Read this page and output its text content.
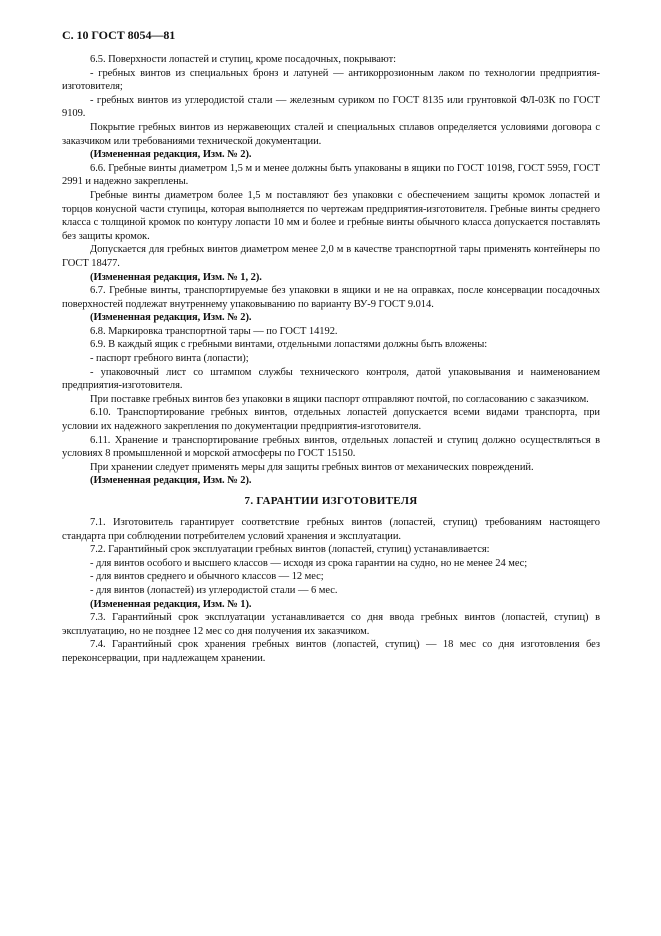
С. 10 ГОСТ 8054—81

6.5. Поверхности лопастей и ступиц, кроме посадочных, покрывают:

- гребных винтов из специальных бронз и латуней — антикоррозионным лаком по технологии предприятия-изготовителя;

- гребных винтов из углеродистой стали — железным суриком по ГОСТ 8135 или грунтовкой ФЛ-03К по ГОСТ 9109.

Покрытие гребных винтов из нержавеющих сталей и специальных сплавов определяется условиями договора с заказчиком или требованиями технической документации.

(Измененная редакция, Изм. № 2).

6.6. Гребные винты диаметром 1,5 м и менее должны быть упакованы в ящики по ГОСТ 10198, ГОСТ 5959, ГОСТ 2991 и надежно закреплены.

Гребные винты диаметром более 1,5 м поставляют без упаковки с обеспечением защиты кромок лопастей и торцов конусной части ступицы, которая выполняется по чертежам предприятия-изготовителя. Гребные винты среднего класса с толщиной кромок по контуру лопасти 10 мм и более и гребные винты обычного класса допускается поставлять без защиты кромок.

Допускается для гребных винтов диаметром менее 2,0 м в качестве транспортной тары применять контейнеры по ГОСТ 18477.

(Измененная редакция, Изм. № 1, 2).

6.7. Гребные винты, транспортируемые без упаковки в ящики и не на оправках, после консервации посадочных поверхностей подлежат внутреннему упаковыванию по варианту ВУ-9 ГОСТ 9.014.

(Измененная редакция, Изм. № 2).

6.8. Маркировка транспортной тары — по ГОСТ 14192.

6.9. В каждый ящик с гребными винтами, отдельными лопастями должны быть вложены:

- паспорт гребного винта (лопасти);

- упаковочный лист со штампом службы технического контроля, датой упаковывания и наименованием предприятия-изготовителя.

При поставке гребных винтов без упаковки в ящики паспорт отправляют почтой, по согласованию с заказчиком.

6.10. Транспортирование гребных винтов, отдельных лопастей допускается всеми видами транспорта, при условии их надежного закрепления по документации предприятия-изготовителя.

6.11. Хранение и транспортирование гребных винтов, отдельных лопастей и ступиц должно осуществляться в условиях 8 промышленной и морской атмосферы по ГОСТ 15150.

При хранении следует применять меры для защиты гребных винтов от механических повреждений.

(Измененная редакция, Изм. № 2).

7. ГАРАНТИИ ИЗГОТОВИТЕЛЯ

7.1. Изготовитель гарантирует соответствие гребных винтов (лопастей, ступиц) требованиям настоящего стандарта при соблюдении потребителем условий хранения и эксплуатации.

7.2. Гарантийный срок эксплуатации гребных винтов (лопастей, ступиц) устанавливается:

- для винтов особого и высшего классов — исходя из срока гарантии на судно, но не менее 24 мес;

- для винтов среднего и обычного классов — 12 мес;

- для винтов (лопастей) из углеродистой стали — 6 мес.

(Измененная редакция, Изм. № 1).

7.3. Гарантийный срок эксплуатации устанавливается со дня ввода гребных винтов (лопастей, ступиц) в эксплуатацию, но не позднее 12 мес со дня получения их заказчиком.

7.4. Гарантийный срок хранения гребных винтов (лопастей, ступиц) — 18 мес со дня изготовления без переконсервации, при надлежащем хранении.
